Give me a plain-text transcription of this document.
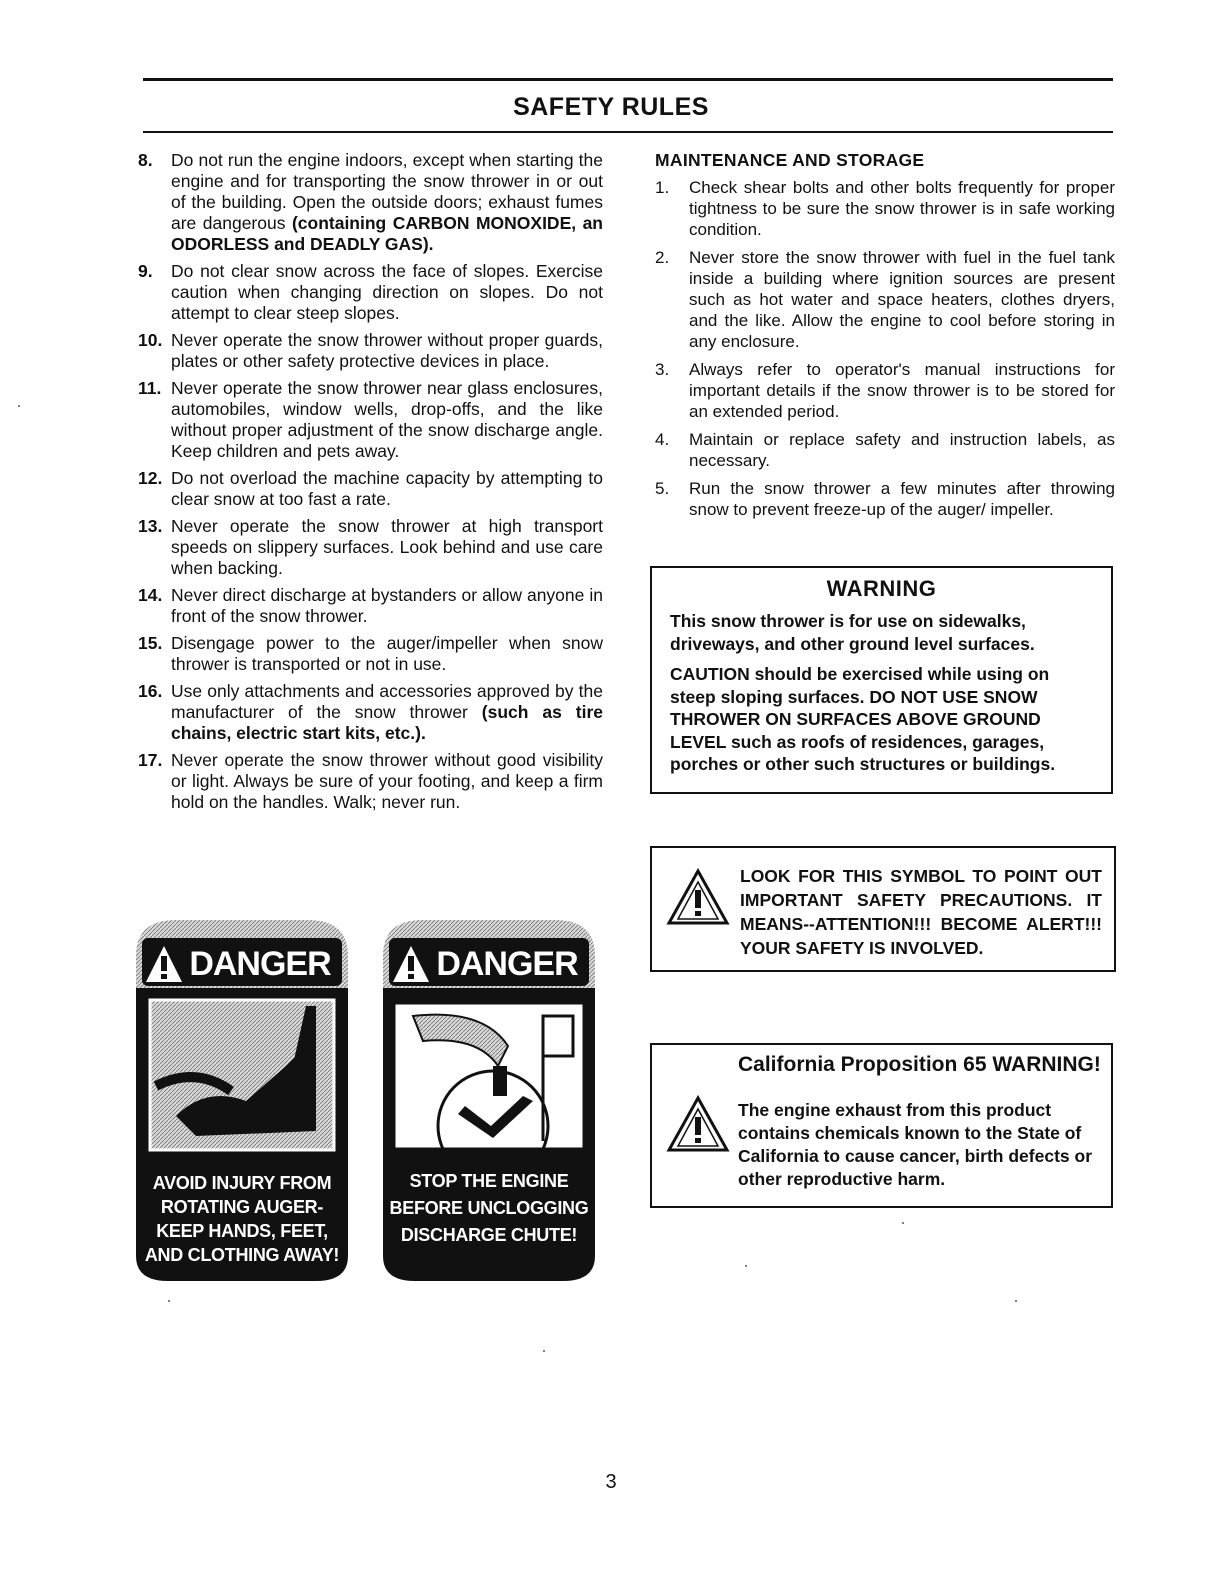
SAFETY RULES
8.	Do not run the engine indoors, except when starting the engine and for transporting the snow thrower in or out of the building. Open the outside doors; exhaust fumes are dangerous (containing CARBON MONOXIDE, an ODORLESS and DEADLY GAS).
9.	Do not clear snow across the face of slopes. Exercise caution when changing direction on slopes. Do not attempt to clear steep slopes.
10. Never operate the snow thrower without proper guards, plates or other safety protective devices in place.
11. Never operate the snow thrower near glass enclosures, automobiles, window wells, drop-offs, and the like without proper adjustment of the snow discharge angle. Keep children and pets away.
12. Do not overload the machine capacity by attempting to clear snow at too fast a rate.
13. Never operate the snow thrower at high transport speeds on slippery surfaces. Look behind and use care when backing.
14. Never direct discharge at bystanders or allow anyone in front of the snow thrower.
15. Disengage power to the auger/impeller when snow thrower is transported or not in use.
16. Use only attachments and accessories approved by the manufacturer of the snow thrower (such as tire chains, electric start kits, etc.).
17. Never operate the snow thrower without good visibility or light. Always be sure of your footing, and keep a firm hold on the handles. Walk; never run.
MAINTENANCE AND STORAGE
1.	Check shear bolts and other bolts frequently for proper tightness to be sure the snow thrower is in safe working condition.
2.	Never store the snow thrower with fuel in the fuel tank inside a building where ignition sources are present such as hot water and space heaters, clothes dryers, and the like. Allow the engine to cool before storing in any enclosure.
3.	Always refer to operator's manual instructions for important details if the snow thrower is to be stored for an extended period.
4.	Maintain or replace safety and instruction labels, as necessary.
5.	Run the snow thrower a few minutes after throwing snow to prevent freeze-up of the auger/ impeller.
WARNING

This snow thrower is for use on sidewalks, driveways, and other ground level surfaces.

CAUTION should be exercised while using on steep sloping surfaces. DO NOT USE SNOW THROWER ON SURFACES ABOVE GROUND LEVEL such as roofs of residences, garages, porches or other such structures or buildings.

LOOK FOR THIS SYMBOL TO POINT OUT IMPORTANT SAFETY PRECAUTIONS. IT MEANS--ATTENTION!!! BECOME ALERT!!! YOUR SAFETY IS INVOLVED.
California Proposition 65 WARNING!
The engine exhaust from this product contains chemicals known to the State of California to cause cancer, birth defects or other reproductive harm.
DANGER
AVOID INJURY FROM
ROTATING AUGER-
KEEP HANDS, FEET,
AND CLOTHING AWAY!
DANGER
STOP THE ENGINE
BEFORE UNCLOGGING
DISCHARGE CHUTE!
3
